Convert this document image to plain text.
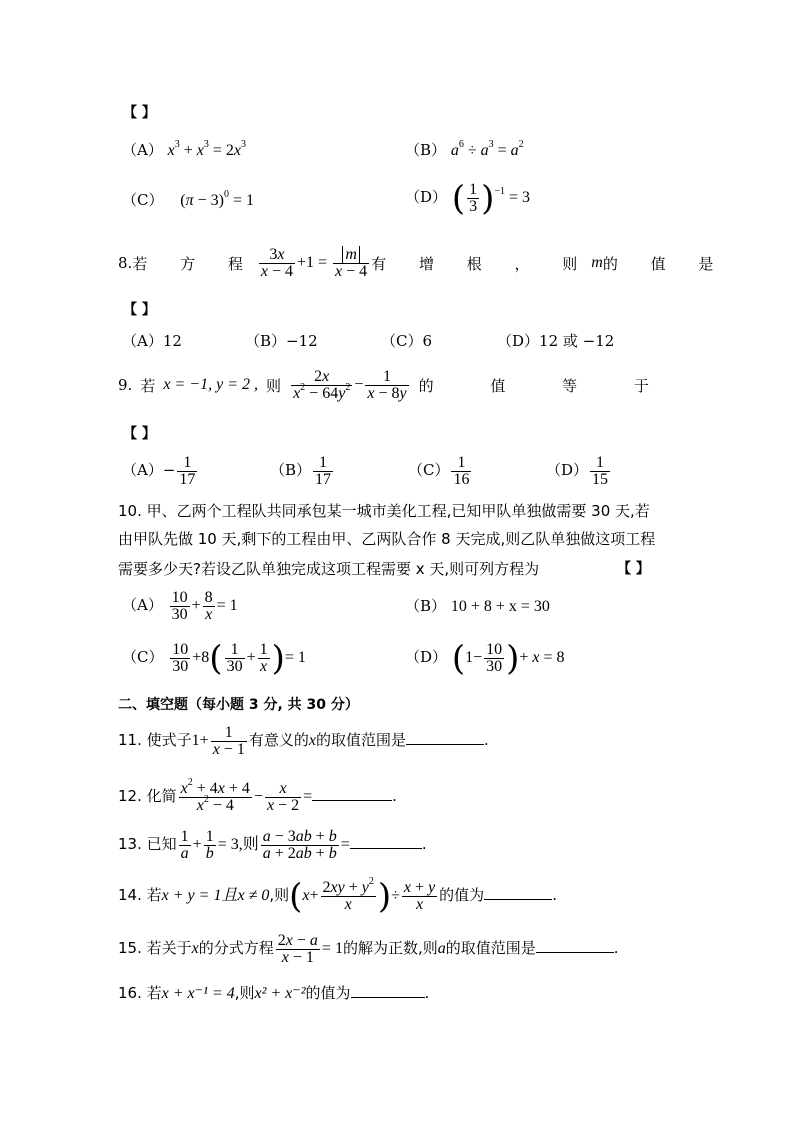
【 】
（A） $x^3 + x^3 = 2x^3$	（B） $a^6 \div a^3 = a^2$
（C） $(\pi - 3)^0 = 1$	（D） ( $\frac{1}{3} )^{-1} = 3$
8. 若 方 程 $\frac{3x}{x - 4} +1 = \frac{m}{x - 4}$ 有 增 根 ， 则 m 的 值 是
【 】
（A）12	（B）−12	（C）6	（D）12 或 −12
9. 若 x = −1, y = 2 , 则 $\frac{2x}{x^2 - 64y^2} - \frac{1}{x - 8y}$ 的 值 等 于
【 】
$(A)- \frac{1}{17}$	$(B) \frac{1}{17}$	$(C) \frac{1}{16}$	$(D) \frac{1}{15}$
10. 甲、乙两个工程队共同承包某一城市美化工程,已知甲队单独做需要 30 天,若
由甲队先做 10 天,剩下的工程由甲、乙两队合作 8 天完成,则乙队单独做这项工程
需要多少天?若设乙队单独完成这项工程需要 x 天,则可列方程为	【 】
$(A) \frac{10}{30} + \frac{8}{x} = 1$	（B） 10 + 8 + x = 30
$(C) \frac{10}{30} +8( \frac{1}{30} + \frac{1}{x}$ )= 1	（D） ($1- \frac{10}{30}$ )+ x = 8
二、填空题（每小题 3 分, 共 30 分）
11. 使式子$1+ \frac{1}{x - 1}$ 有意义的x的取值范围是	.
12. 化简 $\frac{x^2 + 4x + 4}{x^2 - 4} - \frac{x}{x - 2}$ =	.
13. 已知 $\frac{1}{a} + \frac{1}{b} = 3$,则 $\frac{a - 3ab + b}{a + 2ab + b}$ =	.
14. 若x + y = 1且x ≠ 0,则($x+ \frac{2xy + y^2}{x}$ )÷ $\frac{x + y}{x}$ 的值为	.
15. 若关于x的分式方程 $\frac{2x - a}{x - 1} = 1$的解为正数,则a的取值范围是	.
16. 若x + x⁻¹ = 4,则x² + x⁻²的值为	.
